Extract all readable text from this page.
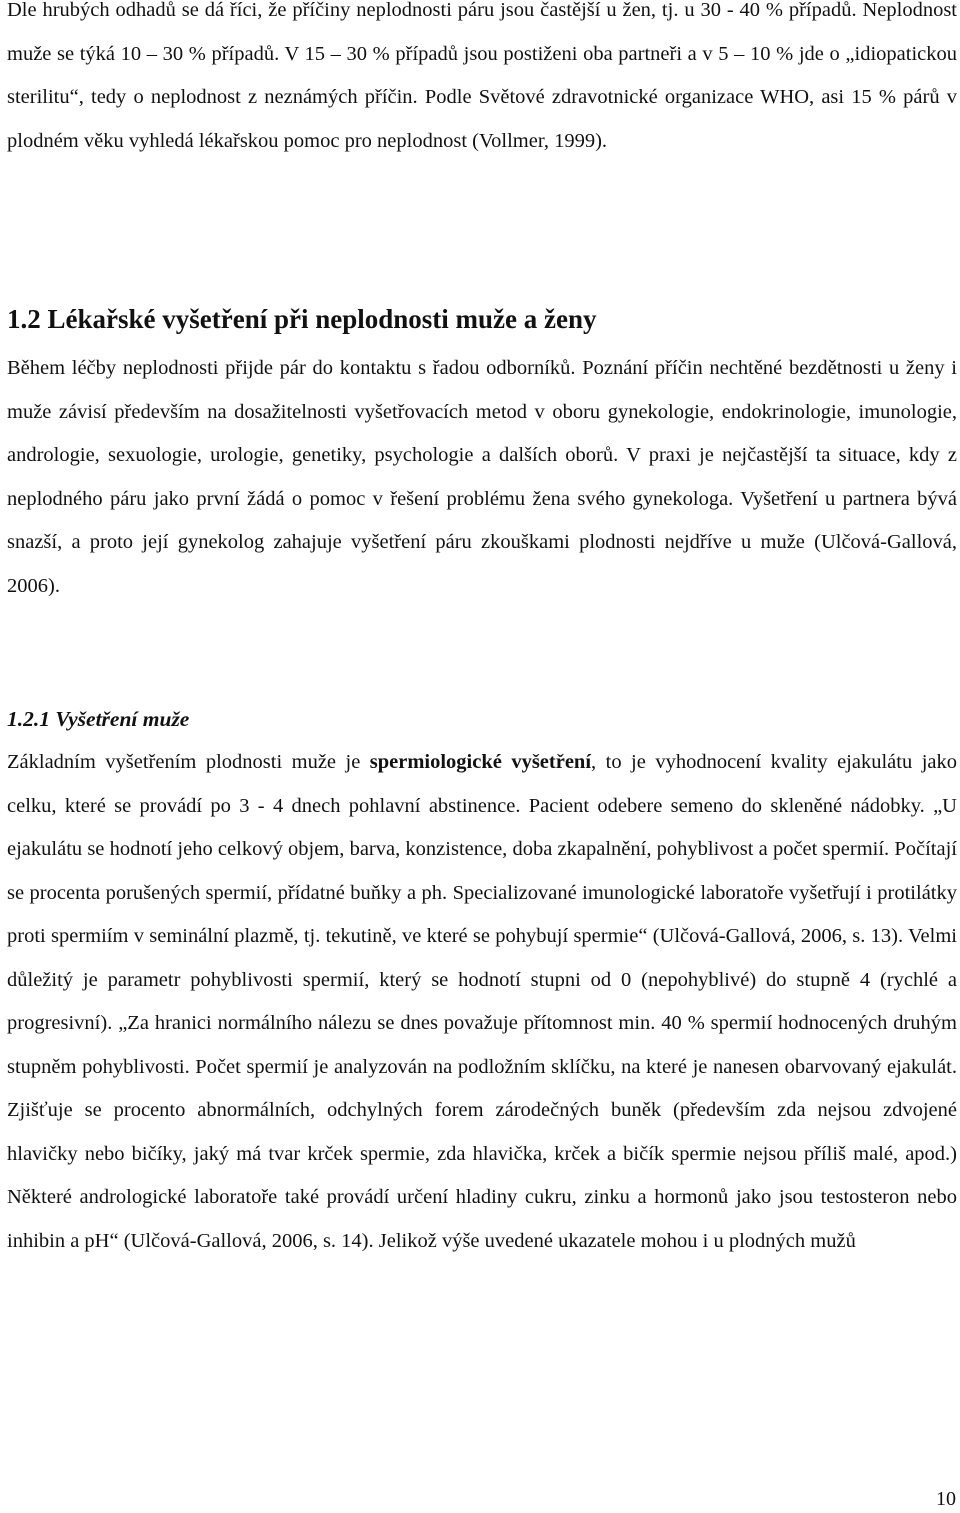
Dle hrubých odhadů se dá říci, že příčiny neplodnosti páru jsou častější u žen, tj. u 30 - 40 % případů. Neplodnost muže se týká 10 – 30 % případů. V 15 – 30 % případů jsou postiženi oba partneři a v 5 – 10 % jde o „idiopatickou sterilitu“, tedy o neplodnost z neznámých příčin. Podle Světové zdravotnické organizace WHO, asi 15 % párů v plodném věku vyhledá lékařskou pomoc pro neplodnost (Vollmer, 1999).

1.2 Lékařské vyšetření při neplodnosti muže a ženy

Během léčby neplodnosti přijde pár do kontaktu s řadou odborníků. Poznání příčin nechtěné bezdětnosti u ženy i muže závisí především na dosažitelnosti vyšetřovacích metod v oboru gynekologie, endokrinologie, imunologie, andrologie, sexuologie, urologie, genetiky, psychologie a dalších oborů. V praxi je nejčastější ta situace, kdy z neplodného páru jako první žádá o pomoc v řešení problému žena svého gynekologa. Vyšetření u partnera bývá snazší, a proto její gynekolog zahajuje vyšetření páru zkouškami plodnosti nejdříve u muže (Ulčová-Gallová, 2006).

1.2.1 Vyšetření muže

Základním vyšetřením plodnosti muže je spermiologické vyšetření, to je vyhodnocení kvality ejakulátu jako celku, které se provádí po 3 - 4 dnech pohlavní abstinence. Pacient odebere semeno do skleněné nádobky. „U ejakulátu se hodnotí jeho celkový objem, barva, konzistence, doba zkapalnění, pohyblivost a počet spermií. Počítají se procenta porušených spermií, přídatné buňky a ph. Specializované imunologické laboratoře vyšetřují i protilátky proti spermiím v seminální plazmě, tj. tekutině, ve které se pohybují spermie“ (Ulčová-Gallová, 2006, s. 13). Velmi důležitý je parametr pohyblivosti spermií, který se hodnotí stupni od 0 (nepohyblivé) do stupně 4 (rychlé a progresivní). „Za hranici normálního nálezu se dnes považuje přítomnost min. 40 % spermií hodnocených druhým stupněm pohyblivosti. Počet spermií je analyzován na podložním sklíčku, na které je nanesen obarvovaný ejakulát. Zjišťuje se procento abnormálních, odchylných forem zárodečných buněk (především zda nejsou zdvojené hlavičky nebo bičíky, jaký má tvar krček spermie, zda hlavička, krček a bičík spermie nejsou příliš malé, apod.) Některé andrologické laboratoře také provádí určení hladiny cukru, zinku a hormonů jako jsou testosteron nebo inhibin a pH“ (Ulčová-Gallová, 2006, s. 14). Jelikož výše uvedené ukazatele mohou i u plodných mužů

10
